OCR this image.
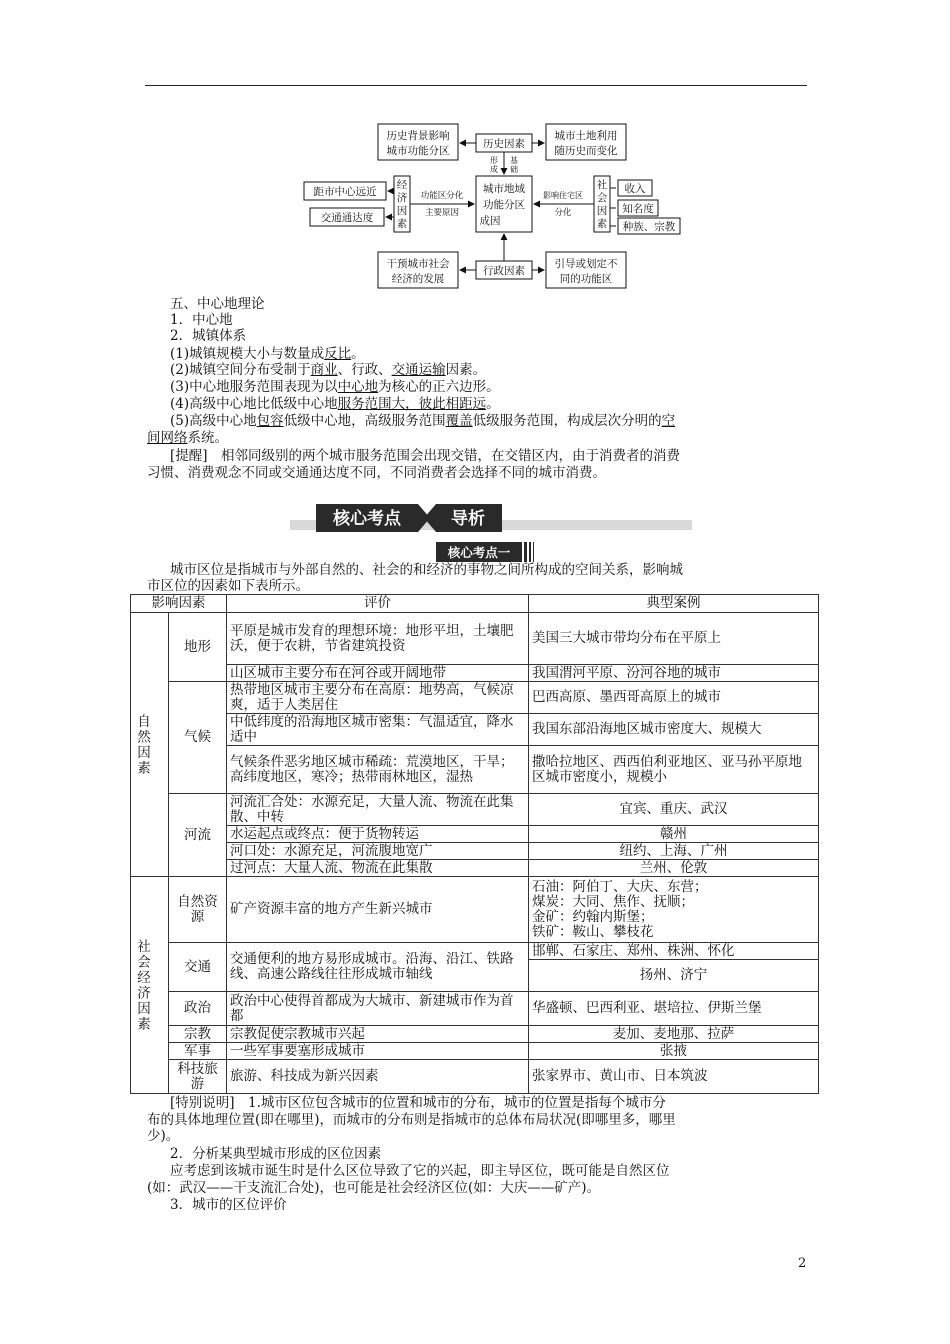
历史背景影响
城市功能分区
历史因素
城市土地利用
随历史而变化
形
成
基
础
距市中心远近
交通通达度
经
济
因
素
功能区分化
主要原因
城市地域
功能分区
成因
影响住宅区
分化
社
会
因
素
收入
知名度
种族、宗教
干预城市社会
经济的发展
行政因素
引导或划定不
同的功能区
五、中心地理论
1．中心地
2．城镇体系
(1)城镇规模大小与数量成反比。
(2)城镇空间分布受制于商业、行政、交通运输因素。
(3)中心地服务范围表现为以中心地为核心的正六边形。
(4)高级中心地比低级中心地服务范围大，彼此相距远。
(5)高级中心地包容低级中心地，高级服务范围覆盖低级服务范围，构成层次分明的空
间网络系统。
[提醒]　相邻同级别的两个城市服务范围会出现交错，在交错区内，由于消费者的消费
习惯、消费观念不同或交通通达度不同，不同消费者会选择不同的城市消费。
核心考点	导析
核心考点一
城市区位是指城市与外部自然的、社会的和经济的事物之间所构成的空间关系，影响城
市区位的因素如下表所示。
影响因素		评价	典型案例

自然因素	地形	平原是城市发育的理想环境：地形平坦，土壤肥沃，便于农耕，节省建筑投资	美国三大城市带均分布在平原上
		山区城市主要分布在河谷或开阔地带	我国渭河平原、汾河谷地的城市
	气候	热带地区城市主要分布在高原：地势高，气候凉爽，适于人类居住	巴西高原、墨西哥高原上的城市
		中低纬度的沿海地区城市密集：气温适宜，降水适中	我国东部沿海地区城市密度大、规模大
		气候条件恶劣地区城市稀疏：荒漠地区，干旱；高纬度地区，寒冷；热带雨林地区，湿热	撒哈拉地区、西西伯利亚地区、亚马孙平原地区城市密度小，规模小
	河流	河流汇合处：水源充足，大量人流、物流在此集散、中转	宜宾、重庆、武汉
		水运起点或终点：便于货物转运	赣州
		河口处：水源充足，河流腹地宽广	纽约、上海、广州
		过河点：大量人流、物流在此集散	兰州、伦敦

社会经济因素	自然资源	矿产资源丰富的地方产生新兴城市	石油：阿伯丁、大庆、东营；
煤炭：大同、焦作、抚顺；
金矿：约翰内斯堡；
铁矿：鞍山、攀枝花

	交通	交通便利的地方易形成城市。沿海、沿江、铁路线、高速公路线往往形成城市轴线	邯郸、石家庄、郑州、株洲、怀化
			扬州、济宁
	政治	政治中心使得首都成为大城市、新建城市作为首都	华盛顿、巴西利亚、堪培拉、伊斯兰堡
	宗教	宗教促使宗教城市兴起	麦加、麦地那、拉萨
	军事	一些军事要塞形成城市	张掖
	科技旅游	旅游、科技成为新兴因素	张家界市、黄山市、日本筑波
[特别说明]　1.城市区位包含城市的位置和城市的分布，城市的位置是指每个城市分
布的具体地理位置(即在哪里)，而城市的分布则是指城市的总体布局状况(即哪里多，哪里
少)。
2．分析某典型城市形成的区位因素
应考虑到该城市诞生时是什么区位导致了它的兴起，即主导区位，既可能是自然区位
(如：武汉——干支流汇合处)，也可能是社会经济区位(如：大庆——矿产)。
3．城市的区位评价
2
